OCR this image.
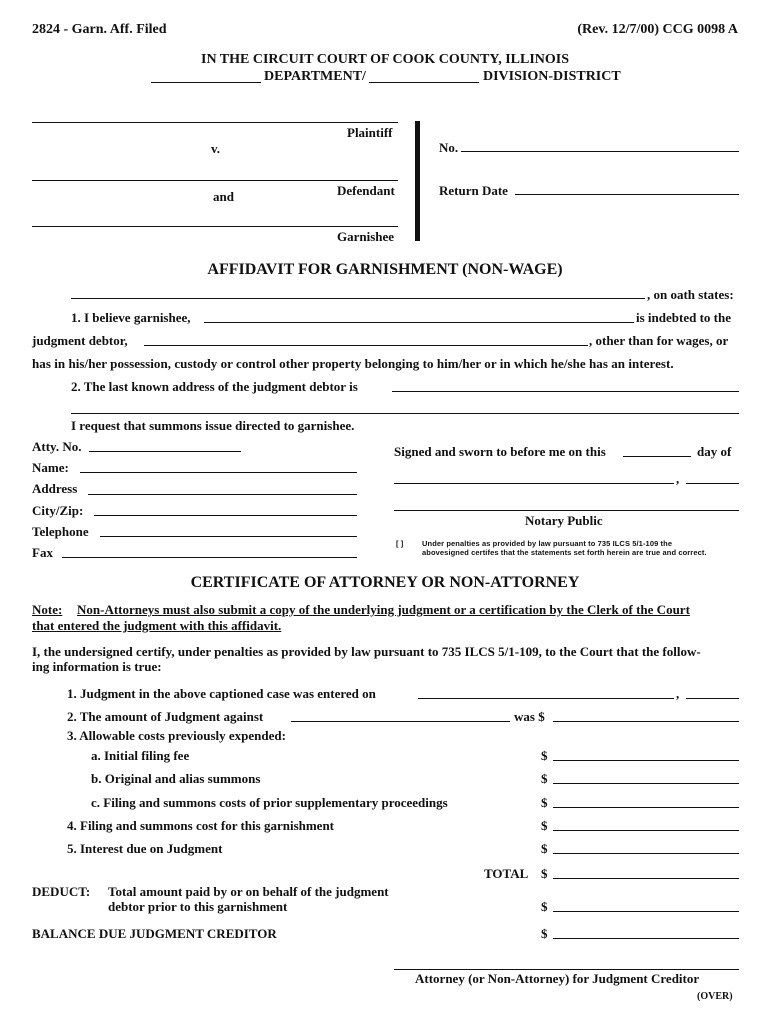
2824 - Garn. Aff. Filed	(Rev. 12/7/00) CCG 0098 A
IN THE CIRCUIT COURT OF COOK COUNTY, ILLINOIS
DEPARTMENT/	DIVISION-DISTRICT
Plaintiff
v.
Defendant
and
Garnishee
No.
Return Date
AFFIDAVIT FOR GARNISHMENT (NON-WAGE)
, on oath states:
1. I believe garnishee,	is indebted to the
judgment debtor,	, other than for wages, or
has in his/her possession, custody or control other property belonging to him/her or in which he/she has an interest.
2. The last known address of the judgment debtor is
I request that summons issue directed to garnishee.
Atty. No.
Name:
Address
City/Zip:
Telephone
Fax
Signed and sworn to before me on this	day of
,
Notary Public
[ ] Under penalties as provided by law pursuant to 735 ILCS 5/1-109 the
abovesigned certifes that the statements set forth herein are true and correct.
CERTIFICATE OF ATTORNEY OR NON-ATTORNEY
Note: Non-Attorneys must also submit a copy of the underlying judgment or a certification by the Clerk of the Court
that entered the judgment with this affidavit.
I, the undersigned certify, under penalties as provided by law pursuant to 735 ILCS 5/1-109, to the Court that the follow-
ing information is true:
1. Judgment in the above captioned case was entered on	,
2. The amount of Judgment against	was $
3. Allowable costs previously expended:
a. Initial filing fee	$
b. Original and alias summons	$
c. Filing and summons costs of prior supplementary proceedings	$
4. Filing and summons cost for this garnishment	$
5. Interest due on Judgment	$
TOTAL $
DEDUCT: Total amount paid by or on behalf of the judgment
debtor prior to this garnishment	$
BALANCE DUE JUDGMENT CREDITOR	$
Attorney (or Non-Attorney) for Judgment Creditor
(OVER)
